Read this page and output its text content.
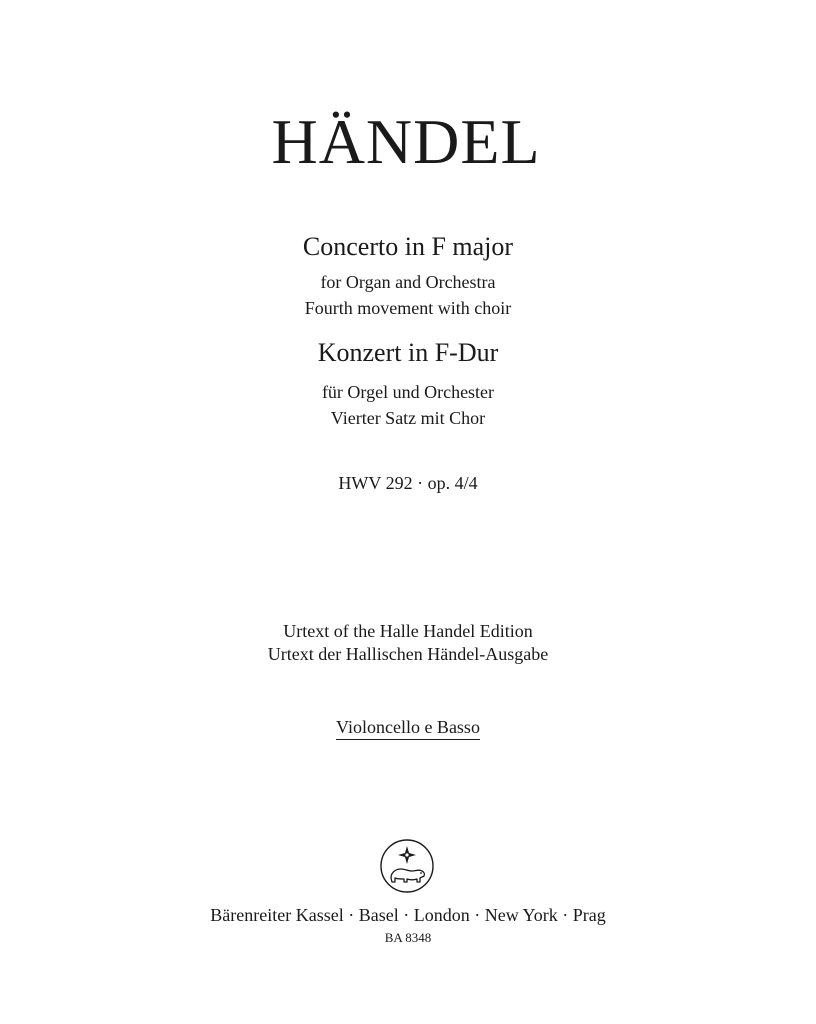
HÄNDEL
Concerto in F major
for Organ and Orchestra
Fourth movement with choir
Konzert in F-Dur
für Orgel und Orchester
Vierter Satz mit Chor
HWV 292 · op. 4/4
Urtext of the Halle Handel Edition
Urtext der Hallischen Händel-Ausgabe
Violoncello e Basso
Bärenreiter Kassel · Basel · London · New York · Prag
BA 8348
